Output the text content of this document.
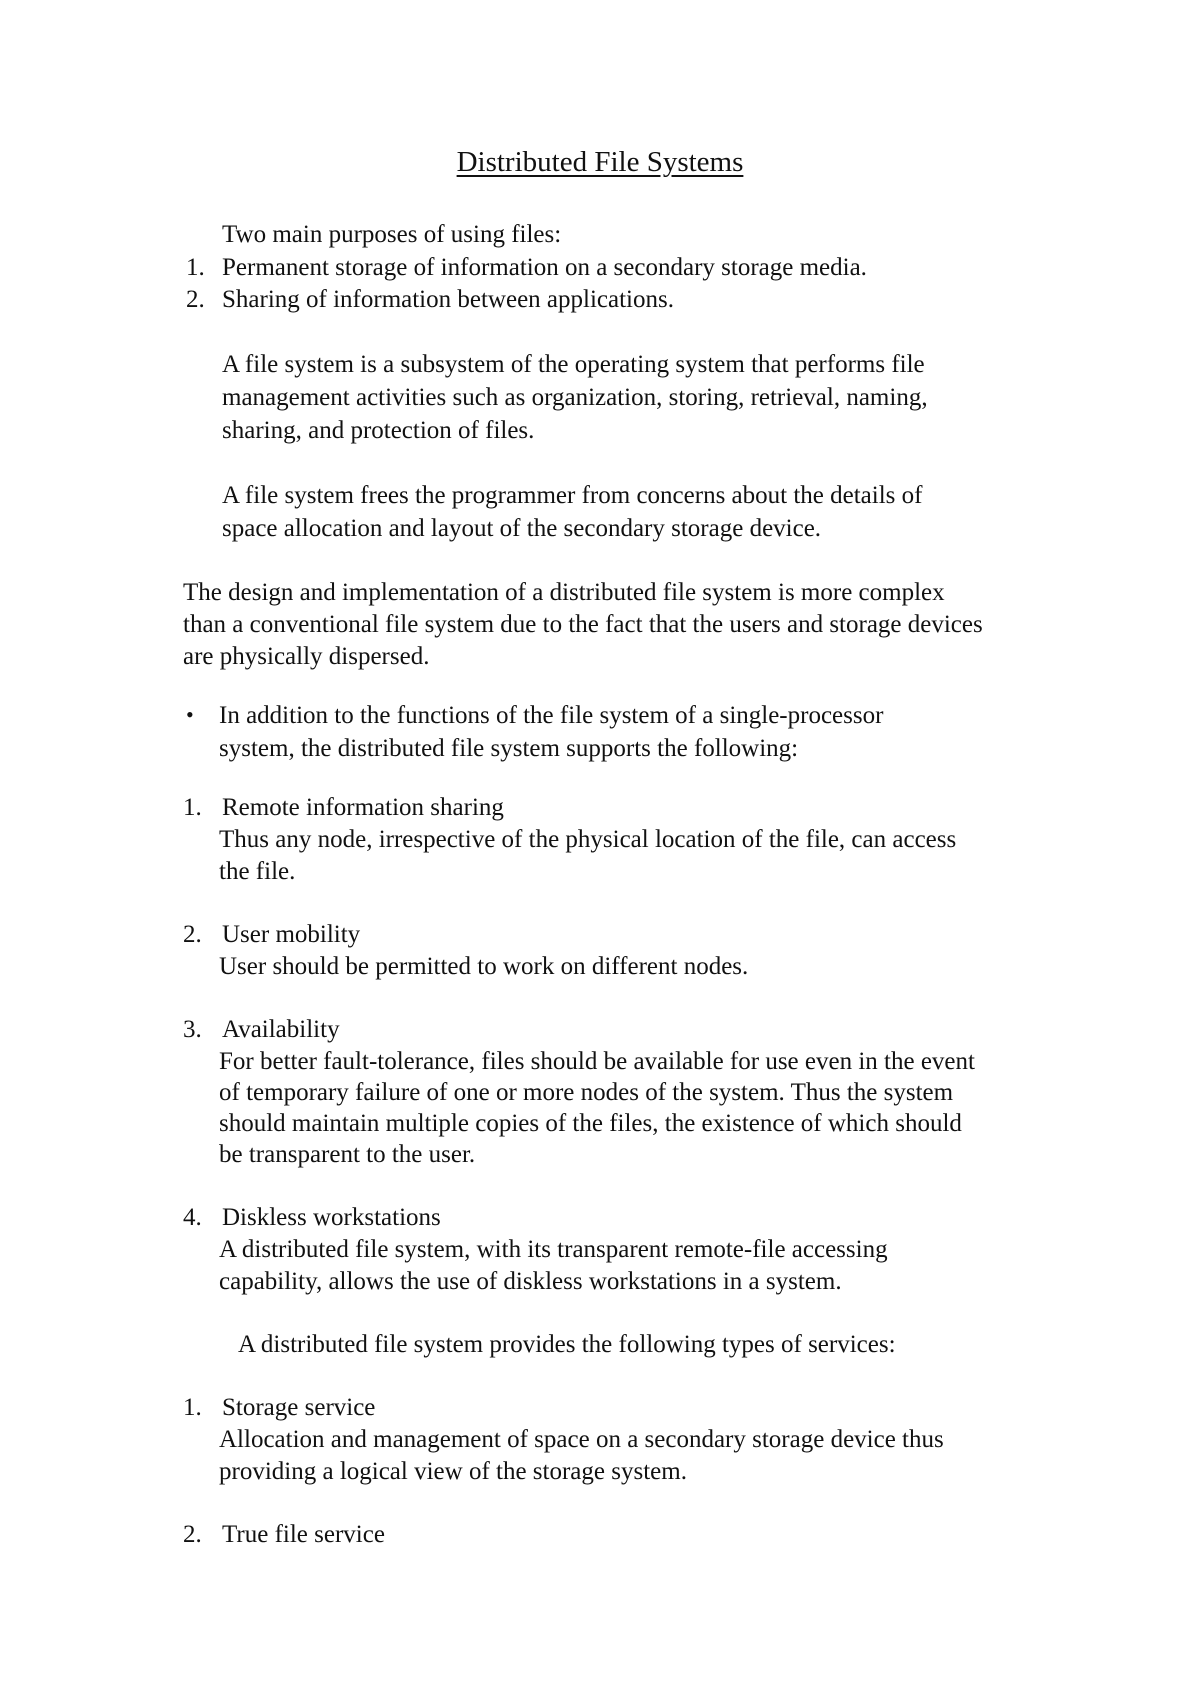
Distributed File Systems
Two main purposes of using files:
1. Permanent storage of information on a secondary storage media.
2. Sharing of information between applications.
A file system is a subsystem of the operating system that performs file
management activities such as organization, storing, retrieval, naming,
sharing, and protection of files.
A file system frees the programmer from concerns about the details of
space allocation and layout of the secondary storage device.
The design and implementation of a distributed file system is more complex
than a conventional file system due to the fact that the users and storage devices
are physically dispersed.
• In addition to the functions of the file system of a single-processor
system, the distributed file system supports the following:
1. Remote information sharing
Thus any node, irrespective of the physical location of the file, can access
the file.
2. User mobility
User should be permitted to work on different nodes.
3. Availability
For better fault-tolerance, files should be available for use even in the event
of temporary failure of one or more nodes of the system. Thus the system
should maintain multiple copies of the files, the existence of which should
be transparent to the user.
4. Diskless workstations
A distributed file system, with its transparent remote-file accessing
capability, allows the use of diskless workstations in a system.
A distributed file system provides the following types of services:
1. Storage service
Allocation and management of space on a secondary storage device thus
providing a logical view of the storage system.
2. True file service
